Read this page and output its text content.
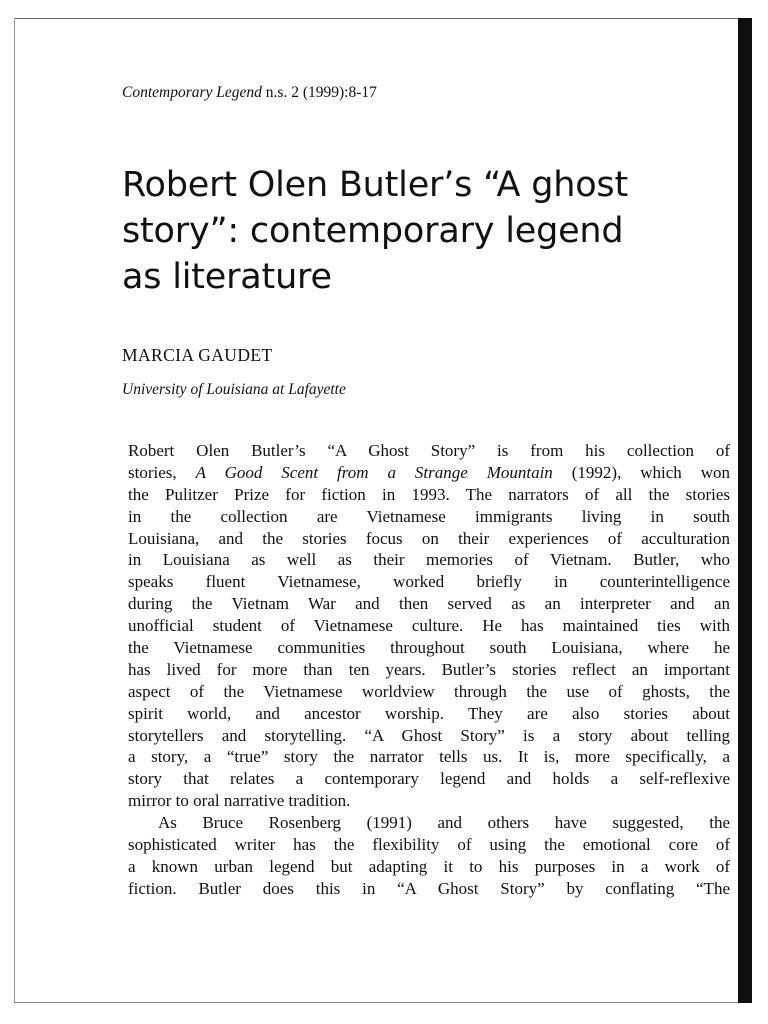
Contemporary Legend n.s. 2 (1999):8-17
Robert Olen Butler’s “A ghost
story”: contemporary legend
as literature
MARCIA GAUDET
University of Louisiana at Lafayette
Robert Olen Butler’s “A Ghost Story” is from his collection of
stories, A Good Scent from a Strange Mountain (1992), which won
the Pulitzer Prize for fiction in 1993. The narrators of all the stories
in the collection are Vietnamese immigrants living in south
Louisiana, and the stories focus on their experiences of acculturation
in Louisiana as well as their memories of Vietnam. Butler, who
speaks fluent Vietnamese, worked briefly in counterintelligence
during the Vietnam War and then served as an interpreter and an
unofficial student of Vietnamese culture. He has maintained ties with
the Vietnamese communities throughout south Louisiana, where he
has lived for more than ten years. Butler’s stories reflect an important
aspect of the Vietnamese worldview through the use of ghosts, the
spirit world, and ancestor worship. They are also stories about
storytellers and storytelling. “A Ghost Story” is a story about telling
a story, a “true” story the narrator tells us. It is, more specifically, a
story that relates a contemporary legend and holds a self-reflexive
mirror to oral narrative tradition.
As Bruce Rosenberg (1991) and others have suggested, the
sophisticated writer has the flexibility of using the emotional core of
a known urban legend but adapting it to his purposes in a work of
fiction. Butler does this in “A Ghost Story” by conflating “The
